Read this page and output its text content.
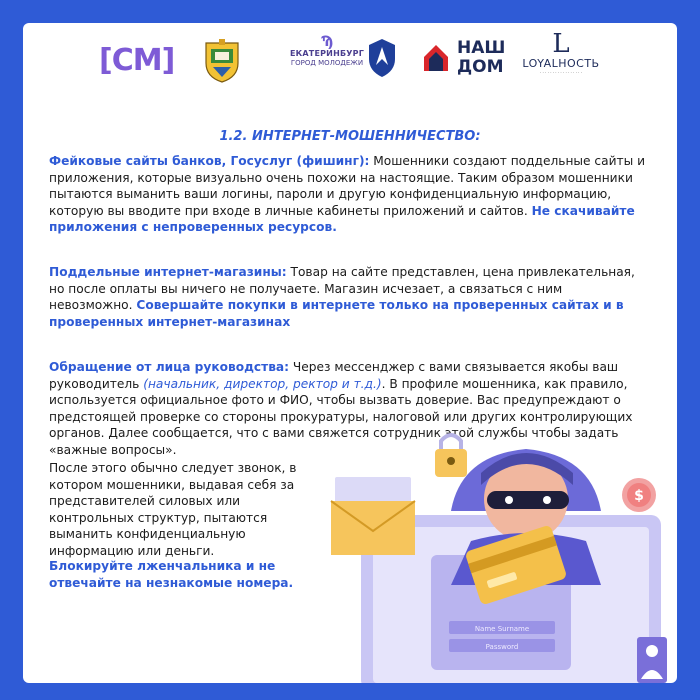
[СМ]
Ϡ
ЕКАТЕРИНБУРГ
ГОРОД МОЛОДЕЖИ
НАШ
ДОМ
L
LOYALНОСТЬ
· · · · · · · · · · · · · · · · ·
1.2. ИНТЕРНЕТ-МОШЕННИЧЕСТВО:
Фейковые сайты банков, Госуслуг (фишинг): Мошенники создают поддельные сайты и приложения, которые визуально очень похожи на настоящие. Таким образом мошенники пытаются выманить ваши логины, пароли и другую конфиденциальную информацию, которую вы вводите при входе в личные кабинеты приложений и сайтов. Не скачивайте приложения с непроверенных ресурсов.
Поддельные интернет-магазины: Товар на сайте представлен, цена привлекательная, но после оплаты вы ничего не получаете. Магазин исчезает, а связаться с ним невозможно. Совершайте покупки в интернете только на проверенных сайтах и в проверенных интернет-магазинах
Обращение от лица руководства: Через мессенджер с вами связывается якобы ваш руководитель (начальник, директор, ректор и т.д.). В профиле мошенника, как правило, используется официальное фото и ФИО, чтобы вызвать доверие. Вас предупреждают о предстоящей проверке со стороны прокуратуры, налоговой или других контролирующих органов. Далее сообщается, что с вами свяжется сотрудник этой службы чтобы задать «важные вопросы».
После этого обычно следует звонок, в котором мошенники, выдавая себя за представителей силовых или контрольных структур, пытаются выманить конфиденциальную информацию или деньги.
Блокируйте лженчальника и не отвечайте на незнакомые номера.
Name Surname
Password
$
